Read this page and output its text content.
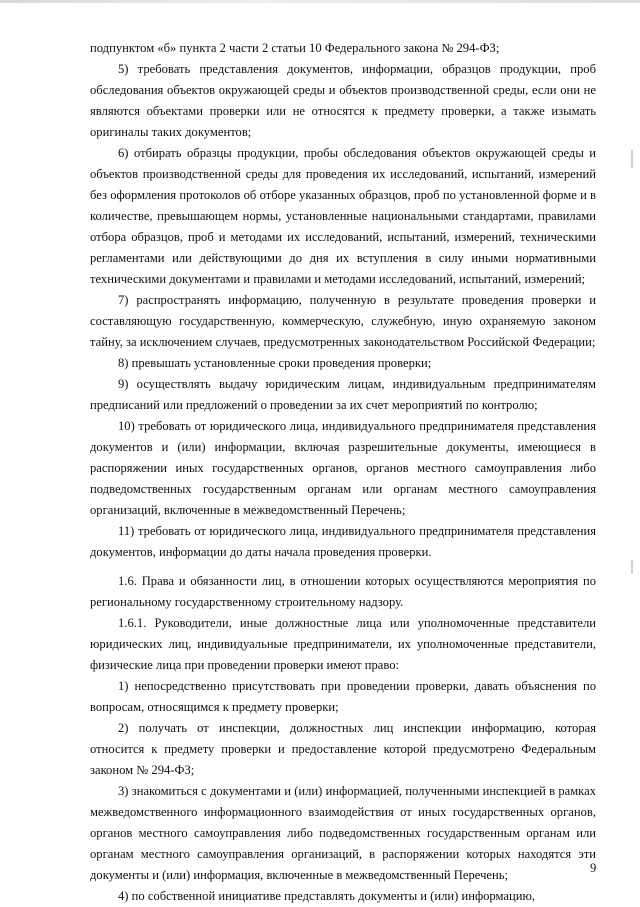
подпунктом «б» пункта 2 части 2 статьи 10 Федерального закона № 294-ФЗ;

5) требовать представления документов, информации, образцов продукции, проб обследования объектов окружающей среды и объектов производственной среды, если они не являются объектами проверки или не относятся к предмету проверки, а также изымать оригиналы таких документов;

6) отбирать образцы продукции, пробы обследования объектов окружающей среды и объектов производственной среды для проведения их исследований, испытаний, измерений без оформления протоколов об отборе указанных образцов, проб по установленной форме и в количестве, превышающем нормы, установленные национальными стандартами, правилами отбора образцов, проб и методами их исследований, испытаний, измерений, техническими регламентами или действующими до дня их вступления в силу иными нормативными техническими документами и правилами и методами исследований, испытаний, измерений;

7) распространять информацию, полученную в результате проведения проверки и составляющую государственную, коммерческую, служебную, иную охраняемую законом тайну, за исключением случаев, предусмотренных законодательством Российской Федерации;

8) превышать установленные сроки проведения проверки;

9) осуществлять выдачу юридическим лицам, индивидуальным предпринимателям предписаний или предложений о проведении за их счет мероприятий по контролю;

10) требовать от юридического лица, индивидуального предпринимателя представления документов и (или) информации, включая разрешительные документы, имеющиеся в распоряжении иных государственных органов, органов местного самоуправления либо подведомственных государственным органам или органам местного самоуправления организаций, включенные в межведомственный Перечень;

11) требовать от юридического лица, индивидуального предпринимателя представления документов, информации до даты начала проведения проверки.

1.6. Права и обязанности лиц, в отношении которых осуществляются мероприятия по региональному государственному строительному надзору.

1.6.1. Руководители, иные должностные лица или уполномоченные представители юридических лиц, индивидуальные предприниматели, их уполномоченные представители, физические лица при проведении проверки имеют право:

1) непосредственно присутствовать при проведении проверки, давать объяснения по вопросам, относящимся к предмету проверки;

2) получать от инспекции, должностных лиц инспекции информацию, которая относится к предмету проверки и предоставление которой предусмотрено Федеральным законом № 294-ФЗ;

3) знакомиться с документами и (или) информацией, полученными инспекцией в рамках межведомственного информационного взаимодействия от иных государственных органов, органов местного самоуправления либо подведомственных государственным органам или органам местного самоуправления организаций, в распоряжении которых находятся эти документы и (или) информация, включенные в межведомственный Перечень;

4) по собственной инициативе представлять документы и (или) информацию,

9
